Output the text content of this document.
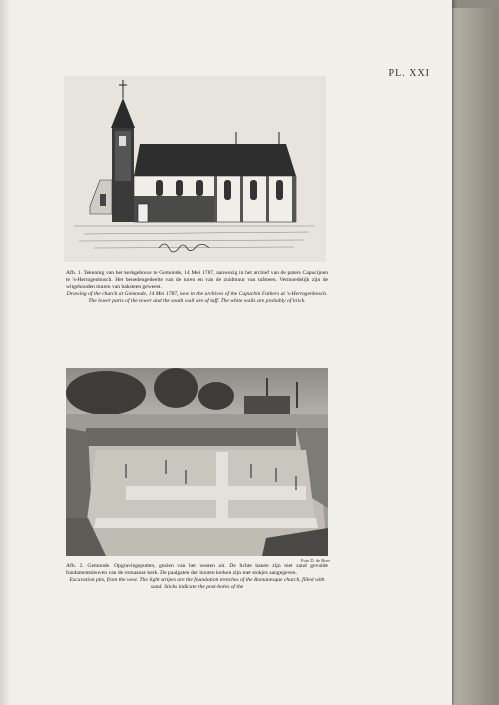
PL. XXI

Afb. 1. Tekening van het kerkgebouw te Gemonde, 14 Mei 1787, aanwezig in het archief van de paters Capucijnen te 's-Hertogenbosch. Het benedengedeelte van de toren en van de zuidmuur van tufsteen. Vermoedelijk zijn de witgehouden muren van baksteen geweest.

Drawing of the church at Gemonde, 14 Mei 1787, now in the archives of the Capuchin Fathers at 's-Hertogenbosch. The lower parts of the tower and the south wall are of tuff. The white walls are probably of brick.

Foto D. de Boer

Afb. 2. Gemonde. Opgravingsputten, gezien van het westen uit. De lichte banen zijn met zand gevulde fundamentsleuven van de romaanse kerk. De paalgaten der houten kerken zijn met stokjes aangegeven.

Excavation pits, from the west. The light stripes are the foundation trenches of the Romanesque church, filled with sand. Sticks indicate the post-holes of the
